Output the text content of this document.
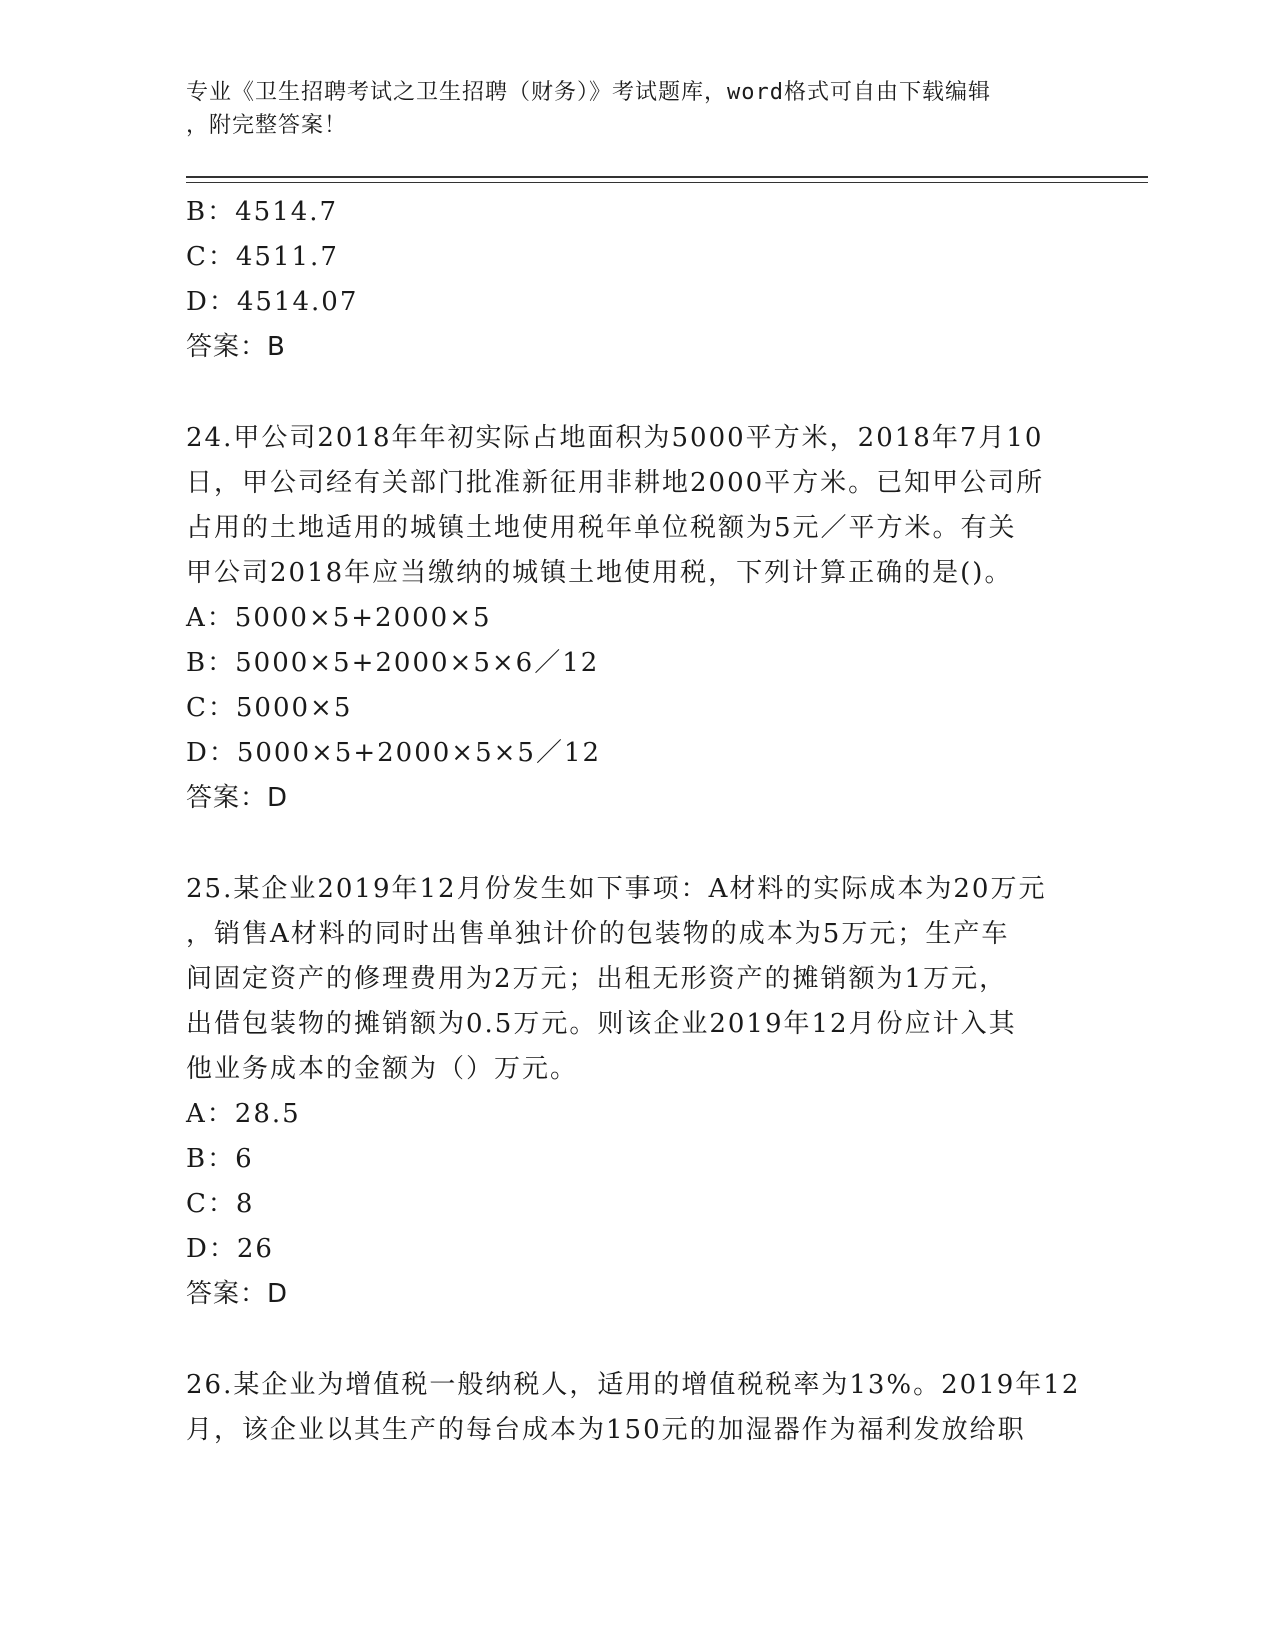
专业《卫生招聘考试之卫生招聘（财务）》考试题库，word格式可自由下载编辑
，附完整答案！
B：4514.7
C：4511.7
D：4514.07
答案：B
24.甲公司2018年年初实际占地面积为5000平方米，2018年7月10
日，甲公司经有关部门批准新征用非耕地2000平方米。已知甲公司所
占用的土地适用的城镇土地使用税年单位税额为5元／平方米。有关
甲公司2018年应当缴纳的城镇土地使用税，下列计算正确的是()。
A：5000×5+2000×5
B：5000×5+2000×5×6／12
C：5000×5
D：5000×5+2000×5×5／12
答案：D
25.某企业2019年12月份发生如下事项：A材料的实际成本为20万元
，销售A材料的同时出售单独计价的包装物的成本为5万元；生产车
间固定资产的修理费用为2万元；出租无形资产的摊销额为1万元，
出借包装物的摊销额为0.5万元。则该企业2019年12月份应计入其
他业务成本的金额为（）万元。
A：28.5
B：6
C：8
D：26
答案：D
26.某企业为增值税一般纳税人，适用的增值税税率为13%。2019年12
月，该企业以其生产的每台成本为150元的加湿器作为福利发放给职
